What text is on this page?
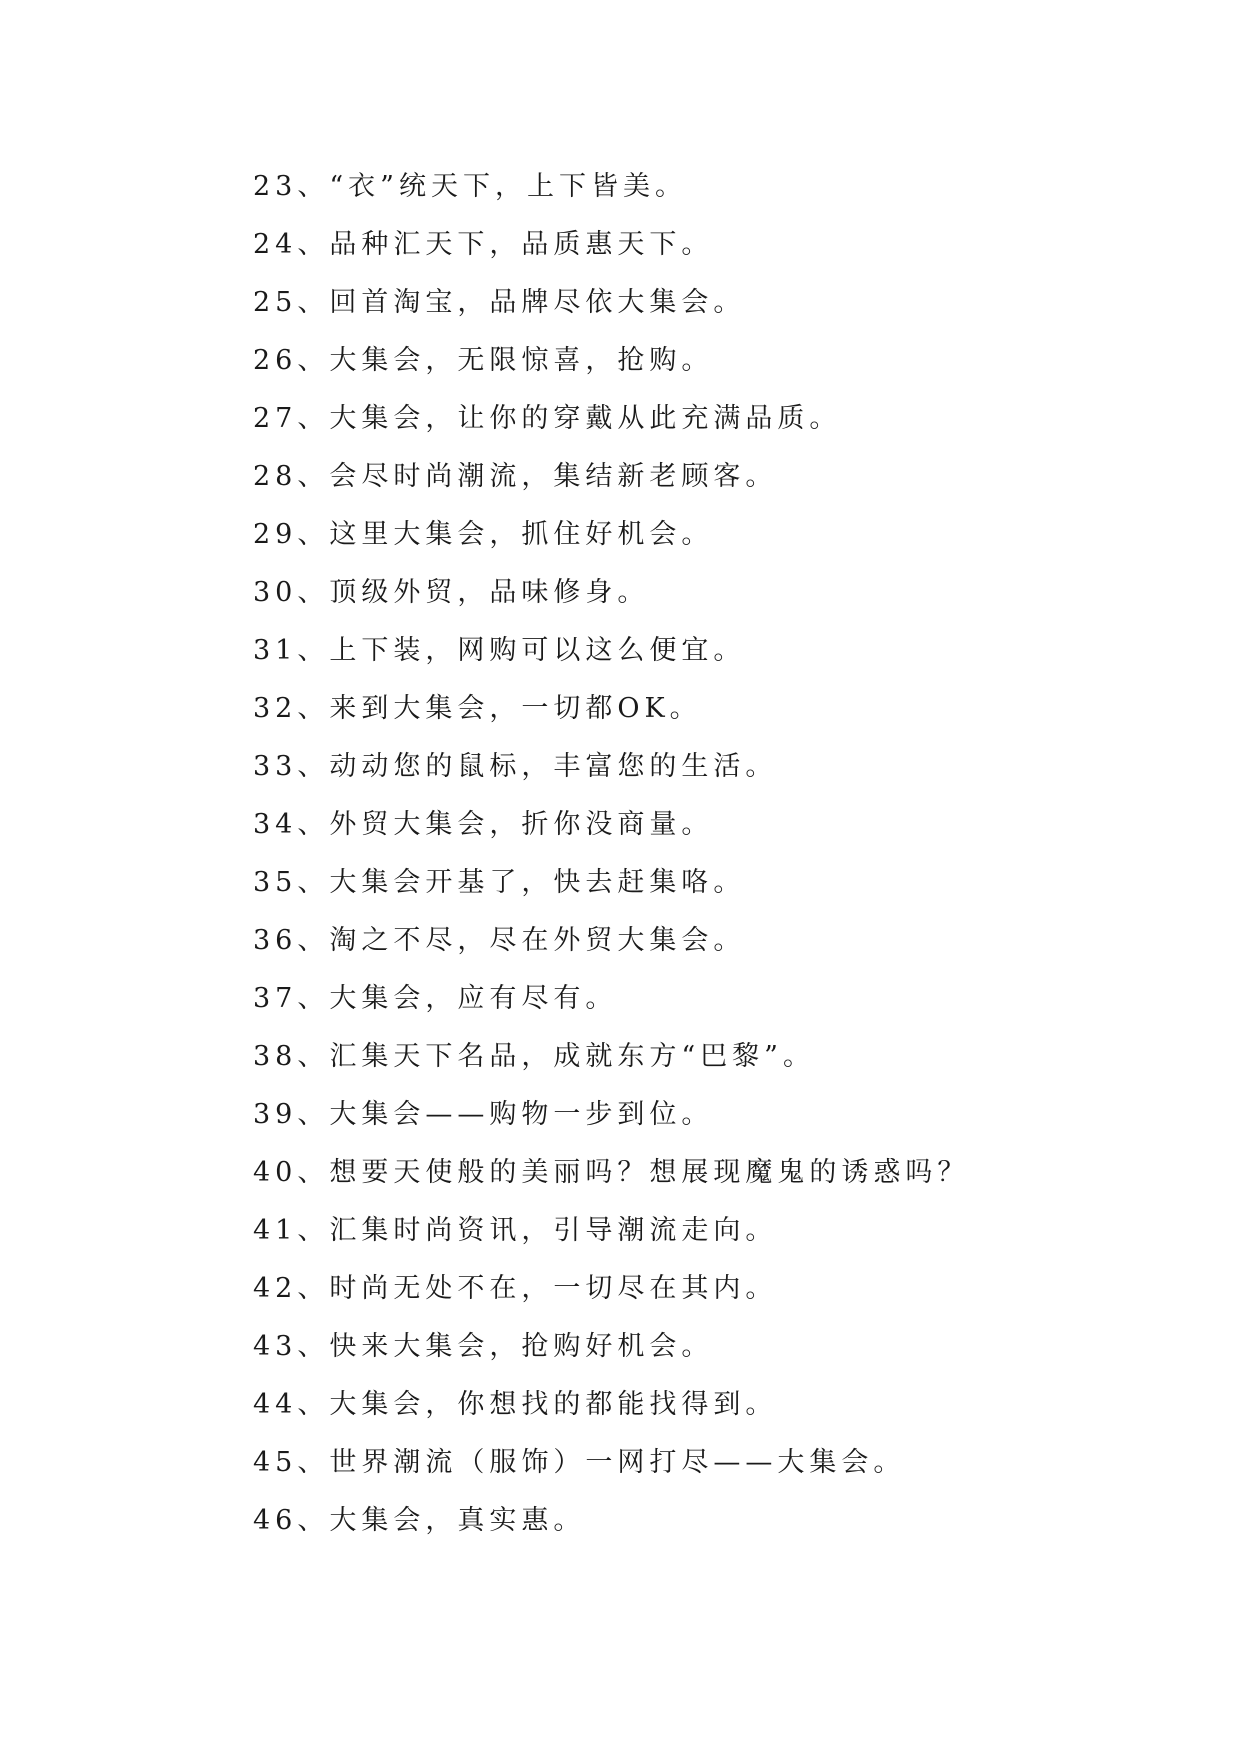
23、“衣”统天下，上下皆美。
24、品种汇天下，品质惠天下。
25、回首淘宝，品牌尽依大集会。
26、大集会，无限惊喜，抢购。
27、大集会，让你的穿戴从此充满品质。
28、会尽时尚潮流，集结新老顾客。
29、这里大集会，抓住好机会。
30、顶级外贸，品味修身。
31、上下装，网购可以这么便宜。
32、来到大集会，一切都OK。
33、动动您的鼠标，丰富您的生活。
34、外贸大集会，折你没商量。
35、大集会开基了，快去赶集咯。
36、淘之不尽，尽在外贸大集会。
37、大集会，应有尽有。
38、汇集天下名品，成就东方“巴黎”。
39、大集会——购物一步到位。
40、想要天使般的美丽吗？想展现魔鬼的诱惑吗？
41、汇集时尚资讯，引导潮流走向。
42、时尚无处不在，一切尽在其内。
43、快来大集会，抢购好机会。
44、大集会，你想找的都能找得到。
45、世界潮流（服饰）一网打尽——大集会。
46、大集会，真实惠。
